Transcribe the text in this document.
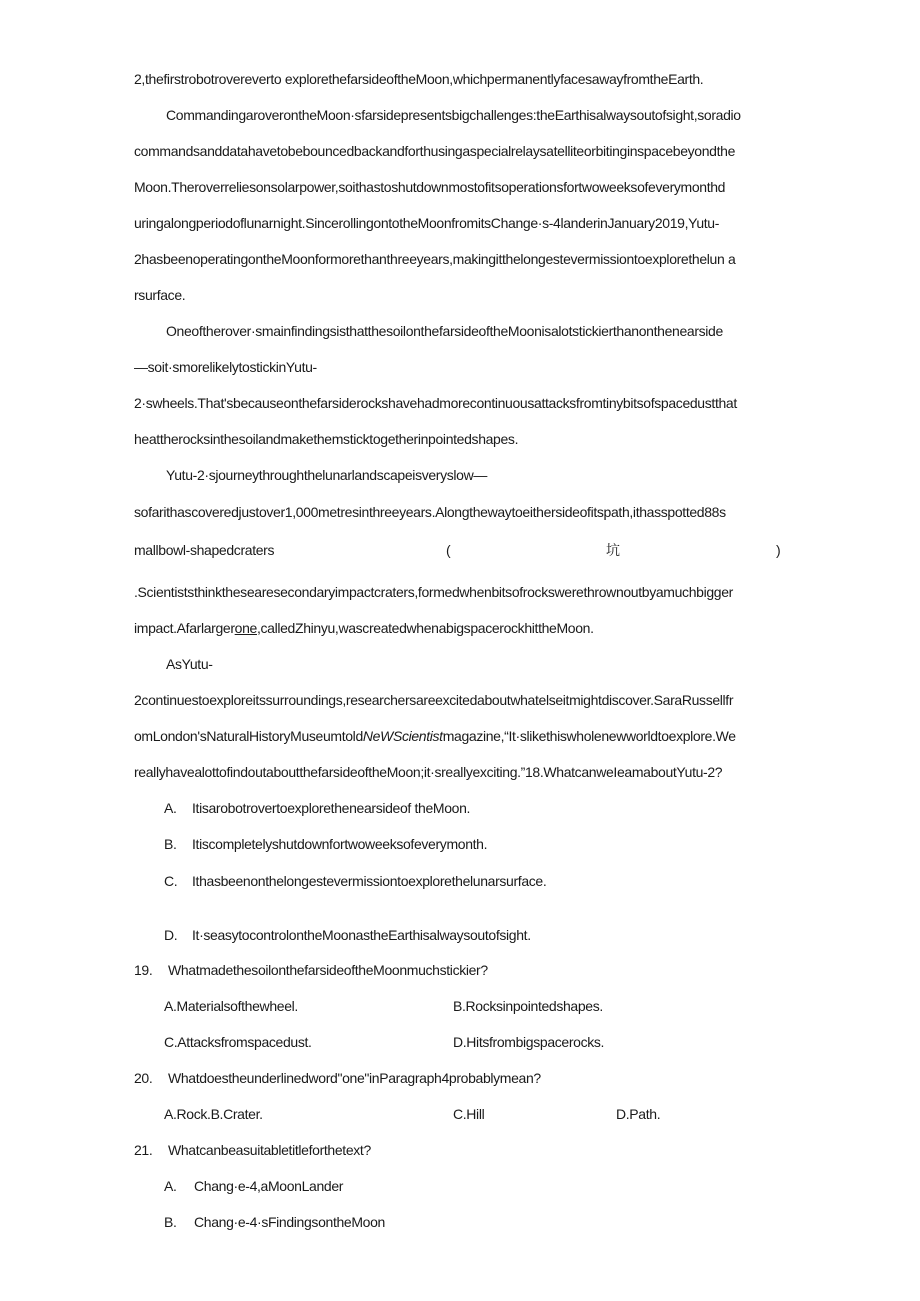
2,thefirstrobotrovereverto explorethefarsideoftheMoon,whichpermanentlyfacesawayfromtheEarth.
CommandingaroverontheMoon·sfarsidepresentsbigchallenges:theEarthisalwaysoutofsight,soradio
commandsanddatahavetobebouncedbackandforthusingaspecialrelaysatelliteorbitinginspacebeyondthe
Moon.Theroverreliesonsolarpower,soithastoshutdownmostofitsoperationsfortwoweeksofeverymonthd
uringalongperiodoflunarnight.SincerollingontotheMoonfromitsChange·s-4landerinJanuary2019,Yutu-
2hasbeenoperatingontheMoonformorethanthreeyears,makingitthelongestevermissiontoexplorethelun a
rsurface.
Oneoftherover·smainfindingsisthatthesoilonthefarsideoftheMoonisalotstickierthanonthenearside
—soit·smorelikelytostickinYutu-
2·swheels.That'sbecauseonthefarsiderockshavehadmorecontinuousattacksfromtinybitsofspacedustthat
heattherocksinthesoilandmakethemsticktogetherinpointedshapes.
Yutu-2·sjourneythroughthelunarlandscapeisveryslow—
sofarithascoveredjustover1,000metresinthreeyears.Alongthewaytoeithersideofitspath,ithasspotted88s
mallbowl-shapedcraters	(	坑	)
.Scientiststhinkthesearesecondaryimpactcraters,formedwhenbitsofrockswerethrownoutbyamuchbigger
impact.Afarlargerone,calledZhinyu,wascreatedwhenabigspacerockhittheMoon.
AsYutu-
2continuestoexploreitssurroundings,researchersareexcitedaboutwhatelseitmightdiscover.SaraRussellfr
omLondon'sNaturalHistoryMuseumtoldNeWScientistmagazine,“It·slikethiswholenewworldtoexplore.We
reallyhavealottofindoutaboutthefarsideoftheMoon;it·sreallyexciting.”18.WhatcanweIeamaboutYutu-2?
A. Itisarobotrovertoexplorethenearsideof theMoon.
B. Itiscompletelyshutdownfortwoweeksofeverymonth.
C. Ithasbeenonthelongestevermissiontoexplorethelunarsurface.
D. It·seasytocontrolontheMoonastheEarthisalwaysoutofsight.
19. WhatmadethesoilonthefarsideoftheMoonmuchstickier?
A.Materialsofthewheel.	B.Rocksinpointedshapes.
C.Attacksfromspacedust.	D.Hitsfrombigspacerocks.
20. Whatdoestheunderlinedword"one"inParagraph4probablymean?
A.Rock.B.Crater.	C.Hill	D.Path.
21. Whatcanbeasuitabletitleforthetext?
A. Chang·e-4,aMoonLander
B. Chang·e-4·sFindingsontheMoon
